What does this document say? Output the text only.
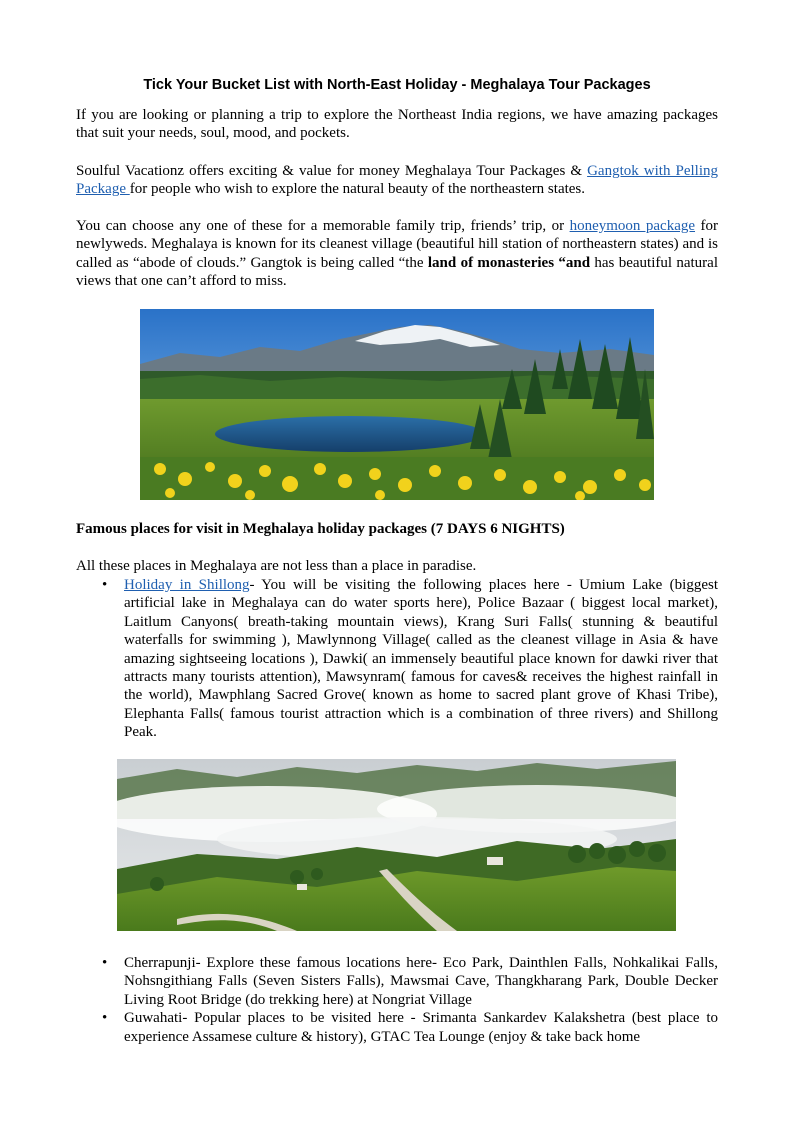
Tick Your Bucket List with North-East Holiday - Meghalaya Tour Packages

If you are looking or planning a trip to explore the Northeast India regions, we have amazing packages that suit your needs, soul, mood, and pockets.

Soulful Vacationz offers exciting & value for money Meghalaya Tour Packages & Gangtok with Pelling Package for people who wish to explore the natural beauty of the northeastern states.

You can choose any one of these for a memorable family trip, friends’ trip, or honeymoon package for newlyweds. Meghalaya is known for its cleanest village (beautiful hill station of northeastern states) and is called as “abode of clouds.” Gangtok is being called “the land of monasteries “and has beautiful natural views that one can’t afford to miss.

Famous places for visit in Meghalaya holiday packages (7 DAYS 6 NIGHTS)

All these places in Meghalaya are not less than a place in paradise.

• Holiday in Shillong- You will be visiting the following places here - Umium Lake (biggest artificial lake in Meghalaya can do water sports here), Police Bazaar ( biggest local market), Laitlum Canyons( breath-taking mountain views), Krang Suri Falls( stunning & beautiful waterfalls for swimming ), Mawlynnong Village( called as the cleanest village in Asia & have amazing sightseeing locations ), Dawki( an immensely beautiful place known for dawki river that attracts many tourists attention), Mawsynram( famous for caves& receives the highest rainfall in the world), Mawphlang Sacred Grove( known as home to sacred plant grove of Khasi Tribe), Elephanta Falls( famous tourist attraction which is a combination of three rivers) and Shillong Peak.
• Cherrapunji- Explore these famous locations here- Eco Park, Dainthlen Falls, Nohkalikai Falls, Nohsngithiang Falls (Seven Sisters Falls), Mawsmai Cave, Thangkharang Park, Double Decker Living Root Bridge (do trekking here) at Nongriat Village
• Guwahati- Popular places to be visited here - Srimanta Sankardev Kalakshetra (best place to experience Assamese culture & history), GTAC Tea Lounge (enjoy & take back home
